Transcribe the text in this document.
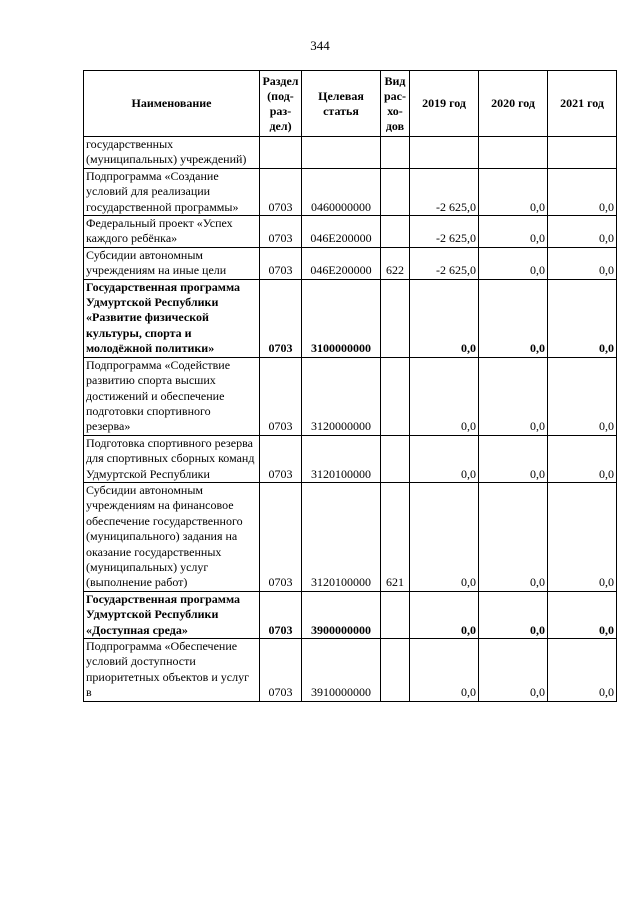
344
Наименование	Раздел (под- раз- дел)	Целевая статья	Вид рас- хо- дов	2019 год	2020 год	2021 год
государственных (муниципальных) учреждений)						
Подпрограмма «Создание условий для реализации государственной программы»	0703	0460000000		-2 625,0	0,0	0,0
Федеральный проект «Успех каждого ребёнка»	0703	046E200000		-2 625,0	0,0	0,0
Субсидии автономным учреждениям на иные цели	0703	046E200000	622	-2 625,0	0,0	0,0
Государственная программа Удмуртской Республики «Развитие физической культуры, спорта и молодёжной политики»	0703	3100000000		0,0	0,0	0,0
Подпрограмма «Содействие развитию спорта высших достижений и обеспечение подготовки спортивного резерва»	0703	3120000000		0,0	0,0	0,0
Подготовка спортивного резерва для спортивных сборных команд Удмуртской Республики	0703	3120100000		0,0	0,0	0,0
Субсидии автономным учреждениям на финансовое обеспечение государственного (муниципального) задания на оказание государственных (муниципальных) услуг (выполнение работ)	0703	3120100000	621	0,0	0,0	0,0
Государственная программа Удмуртской Республики «Доступная среда»	0703	3900000000		0,0	0,0	0,0
Подпрограмма «Обеспечение условий доступности приоритетных объектов и услуг в	0703	3910000000		0,0	0,0	0,0
